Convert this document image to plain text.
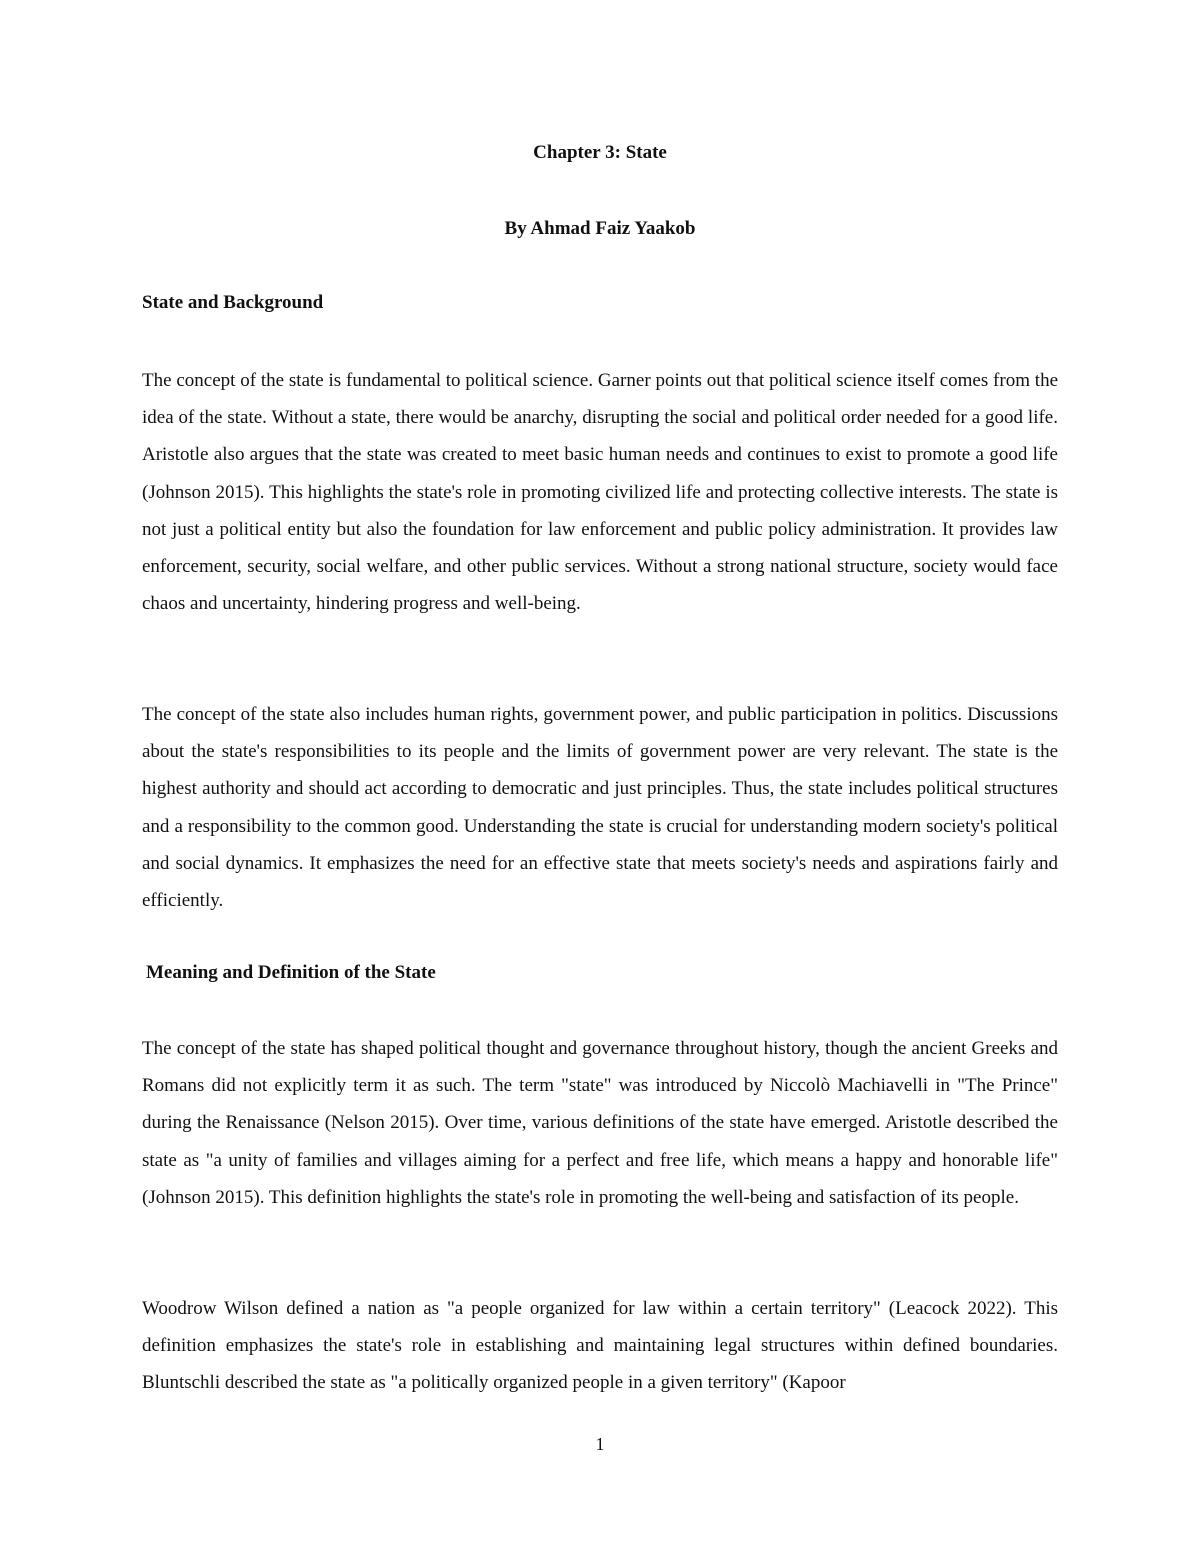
Chapter 3: State

By Ahmad Faiz Yaakob

State and Background

The concept of the state is fundamental to political science. Garner points out that political science itself comes from the idea of the state. Without a state, there would be anarchy, disrupting the social and political order needed for a good life. Aristotle also argues that the state was created to meet basic human needs and continues to exist to promote a good life (Johnson 2015). This highlights the state's role in promoting civilized life and protecting collective interests. The state is not just a political entity but also the foundation for law enforcement and public policy administration. It provides law enforcement, security, social welfare, and other public services. Without a strong national structure, society would face chaos and uncertainty, hindering progress and well-being.

The concept of the state also includes human rights, government power, and public participation in politics. Discussions about the state's responsibilities to its people and the limits of government power are very relevant. The state is the highest authority and should act according to democratic and just principles. Thus, the state includes political structures and a responsibility to the common good. Understanding the state is crucial for understanding modern society's political and social dynamics. It emphasizes the need for an effective state that meets society's needs and aspirations fairly and efficiently.

Meaning and Definition of the State

The concept of the state has shaped political thought and governance throughout history, though the ancient Greeks and Romans did not explicitly term it as such. The term "state" was introduced by Niccolò Machiavelli in "The Prince" during the Renaissance (Nelson 2015). Over time, various definitions of the state have emerged. Aristotle described the state as "a unity of families and villages aiming for a perfect and free life, which means a happy and honorable life" (Johnson 2015). This definition highlights the state's role in promoting the well-being and satisfaction of its people.

Woodrow Wilson defined a nation as "a people organized for law within a certain territory" (Leacock 2022). This definition emphasizes the state's role in establishing and maintaining legal structures within defined boundaries. Bluntschli described the state as "a politically organized people in a given territory" (Kapoor

1
